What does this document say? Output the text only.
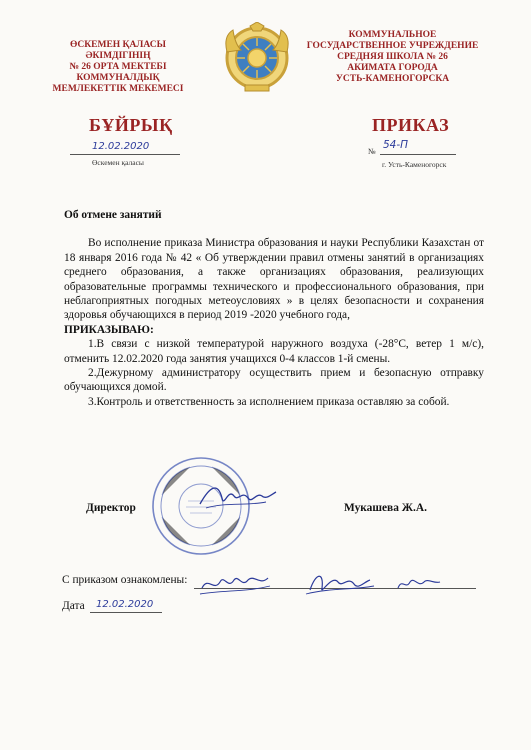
ӨСКЕМЕН ҚАЛАСЫ
ӘКІМДІГІНІҢ
№ 26 ОРТА МЕКТЕБІ
КОММУНАЛДЫҚ
МЕМЛЕКЕТТІК МЕКЕМЕСІ
КОММУНАЛЬНОЕ
ГОСУДАРСТВЕННОЕ УЧРЕЖДЕНИЕ
СРЕДНЯЯ ШКОЛА № 26
АКИМАТА ГОРОДА
УСТЬ-КАМЕНОГОРСКА
БҰЙРЫҚ	ПРИКАЗ
12.02.2020
Өскемен қаласы
№
54-П
г. Усть-Каменогорск

Об отмене занятий

Во исполнение приказа Министра образования и науки Республики Казахстан от 18 января 2016 года № 42 « Об утверждении правил отмены занятий в организациях среднего образования, а также организациях образования, реализующих образовательные программы технического и профессионального образования, при неблагоприятных погодных метеоусловиях » в целях безопасности и сохранения здоровья обучающихся в период 2019 -2020 учебного года,

ПРИКАЗЫВАЮ:

1.В связи с низкой температурой наружного воздуха (-28°С, ветер 1 м/с), отменить 12.02.2020 года занятия учащихся 0-4 классов 1-й смены.

2.Дежурному администратору осуществить прием и безопасную отправку обучающихся домой.

3.Контроль и ответственность за исполнением приказа оставляю за собой.

Директор	Мукашева Ж.А.
С приказом ознакомлены:
Дата 12.02.2020
